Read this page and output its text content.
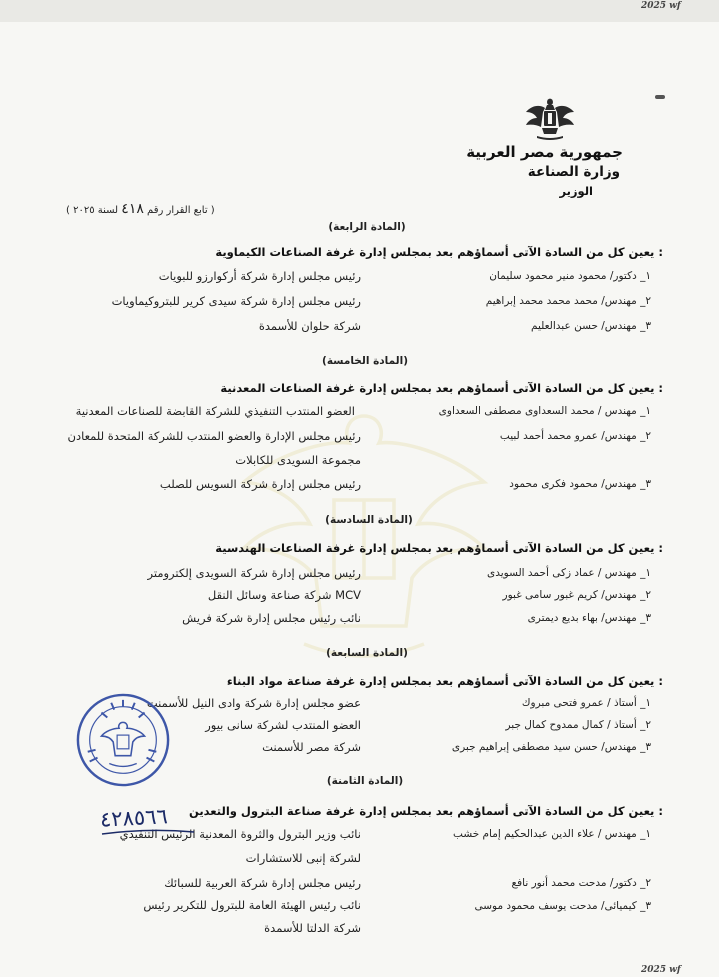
2025 wf
2025 wf
جمهورية مصر العربية
وزارة الصناعة
الوزير
( تابع القرار رقم ٤١٨ لسنة ٢٠٢٥ )
(المادة الرابعة)
يعين كل من السادة الآتى أسماؤهم بعد بمجلس إدارة غرفة الصناعات الكيماوية :
١_ دكتور/ محمود منير محمود سليمان
رئيس مجلس إدارة شركة أركوارزو للبويات
٢_ مهندس/ محمد محمد محمد إبراهيم
رئيس مجلس إدارة شركة سيدى كرير للبتروكيماويات
٣_ مهندس/ حسن عبدالعليم
شركة حلوان للأسمدة
(المادة الخامسة)
يعين كل من السادة الآتى أسماؤهم بعد بمجلس إدارة غرفة الصناعات المعدنية :
١_ مهندس / محمد السعداوى مصطفى السعداوى
العضو المنتدب التنفيذي للشركة القابضة للصناعات المعدنية
٢_ مهندس/ عمرو محمد أحمد لبيب
رئيس مجلس الإدارة والعضو المنتدب للشركة المتحدة للمعادن
مجموعة السويدى للكابلات
٣_ مهندس/ محمود فكرى محمود
رئيس مجلس إدارة شركة السويس للصلب
(المادة السادسة)
يعين كل من السادة الآتى أسماؤهم بعد بمجلس إدارة غرفة الصناعات الهندسية :
١_ مهندس / عماد زكى أحمد السويدى
رئيس مجلس إدارة شركة السويدى إلكترومتر
٢_ مهندس/ كريم غبور سامى غبور
شركة صناعة وسائل النقل MCV
٣_ مهندس/ بهاء بديع ديمترى
نائب رئيس مجلس إدارة شركة فريش
(المادة السابعة)
يعين كل من السادة الآتى أسماؤهم بعد بمجلس إدارة غرفة صناعة مواد البناء :
١_ أستاذ / عمرو فتحى مبروك
عضو مجلس إدارة شركة وادى النيل للأسمنت
٢_ أستاذ / كمال ممدوح كمال جبر
العضو المنتدب لشركة سانى بيور
٣_ مهندس/ حسن سيد مصطفى إبراهيم جبرى
شركة مصر للأسمنت
(المادة الثامنة)
يعين كل من السادة الآتى أسماؤهم بعد بمجلس إدارة غرفة صناعة البترول والتعدين :
١_ مهندس / علاء الدين عبدالحكيم إمام خشب
نائب وزير البترول والثروة المعدنية الرئيس التنفيذي
لشركة إنبى للاستشارات
٢_ دكتور/ مدحت محمد أنور نافع
رئيس مجلس إدارة شركة العربية للسبائك
٣_ كيميائى/ مدحت يوسف محمود موسى
نائب رئيس الهيئة العامة للبترول للتكرير رئيس
شركة الدلتا للأسمدة
٤٢٨٥٦٦
